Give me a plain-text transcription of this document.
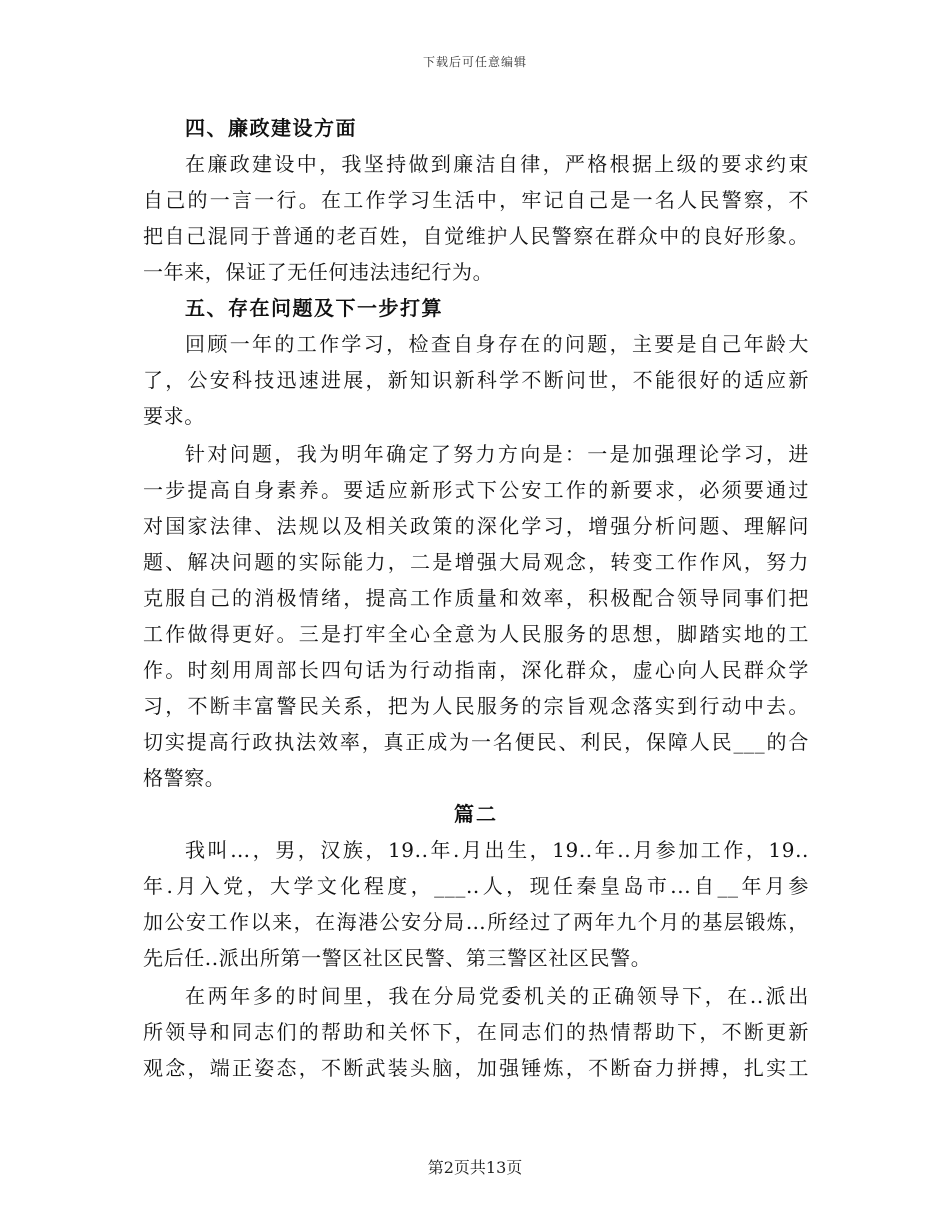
下载后可任意编辑
四、廉政建设方面
在廉政建设中，我坚持做到廉洁自律，严格根据上级的要求约束
自己的一言一行。在工作学习生活中，牢记自己是一名人民警察，不
把自己混同于普通的老百姓，自觉维护人民警察在群众中的良好形象。
一年来，保证了无任何违法违纪行为。
五、存在问题及下一步打算
回顾一年的工作学习，检查自身存在的问题，主要是自己年龄大
了，公安科技迅速进展，新知识新科学不断问世，不能很好的适应新
要求。
针对问题，我为明年确定了努力方向是：一是加强理论学习，进
一步提高自身素养。要适应新形式下公安工作的新要求，必须要通过
对国家法律、法规以及相关政策的深化学习，增强分析问题、理解问
题、解决问题的实际能力，二是增强大局观念，转变工作作风，努力
克服自己的消极情绪，提高工作质量和效率，积极配合领导同事们把
工作做得更好。三是打牢全心全意为人民服务的思想，脚踏实地的工
作。时刻用周部长四句话为行动指南，深化群众，虚心向人民群众学
习，不断丰富警民关系，把为人民服务的宗旨观念落实到行动中去。
切实提高行政执法效率，真正成为一名便民、利民，保障人民___的合
格警察。
篇二
我叫…，男，汉族，19..年.月出生，19..年..月参加工作，19..
年.月入党，大学文化程度，___..人，现任秦皇岛市...自__年月参
加公安工作以来，在海港公安分局…所经过了两年九个月的基层锻炼，
先后任..派出所第一警区社区民警、第三警区社区民警。
在两年多的时间里，我在分局党委机关的正确领导下，在..派出
所领导和同志们的帮助和关怀下，在同志们的热情帮助下，不断更新
观念，端正姿态，不断武装头脑，加强锤炼，不断奋力拼搏，扎实工
第2页共13页
